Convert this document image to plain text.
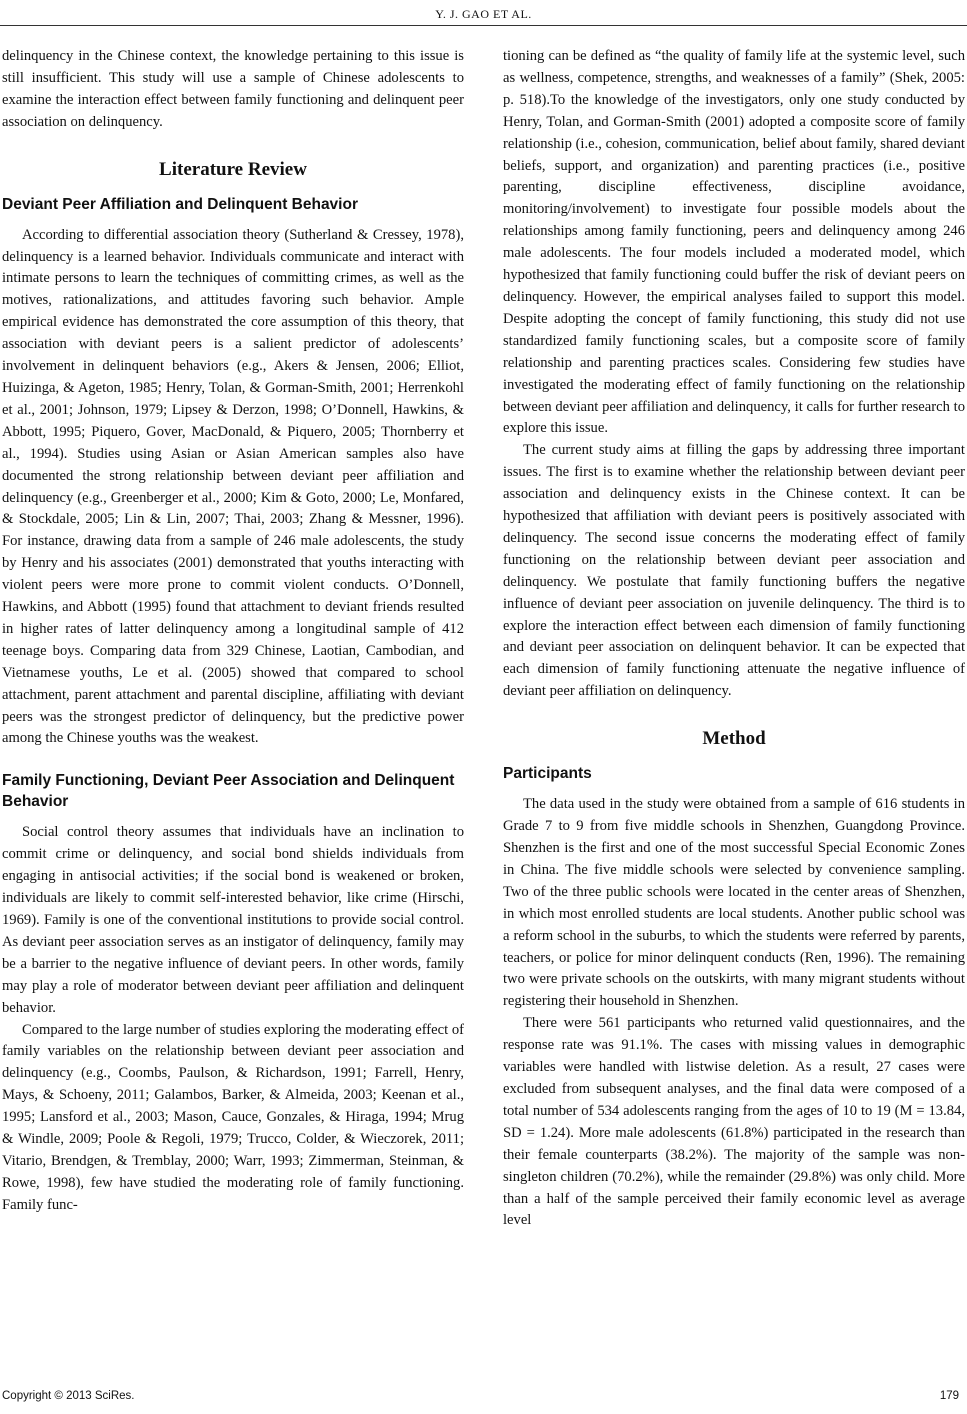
Y. J. GAO ET AL.

delinquency in the Chinese context, the knowledge pertaining to this issue is still insufficient. This study will use a sample of Chinese adolescents to examine the interaction effect between family functioning and delinquent peer association on delinquency.

Literature Review
Deviant Peer Affiliation and Delinquent Behavior

According to differential association theory (Sutherland & Cressey, 1978), delinquency is a learned behavior. Individuals communicate and interact with intimate persons to learn the techniques of committing crimes, as well as the motives, rationalizations, and attitudes favoring such behavior. Ample empirical evidence has demonstrated the core assumption of this theory, that association with deviant peers is a salient predictor of adolescents’ involvement in delinquent behaviors (e.g., Akers & Jensen, 2006; Elliot, Huizinga, & Ageton, 1985; Henry, Tolan, & Gorman-Smith, 2001; Herrenkohl et al., 2001; Johnson, 1979; Lipsey & Derzon, 1998; O’Donnell, Hawkins, & Abbott, 1995; Piquero, Gover, MacDonald, & Piquero, 2005; Thornberry et al., 1994). Studies using Asian or Asian American samples also have documented the strong relationship between deviant peer affiliation and delinquency (e.g., Greenberger et al., 2000; Kim & Goto, 2000; Le, Monfared, & Stockdale, 2005; Lin & Lin, 2007; Thai, 2003; Zhang & Messner, 1996). For instance, drawing data from a sample of 246 male adolescents, the study by Henry and his associates (2001) demonstrated that youths interacting with violent peers were more prone to commit violent conducts. O’Donnell, Hawkins, and Abbott (1995) found that attachment to deviant friends resulted in higher rates of latter delinquency among a longitudinal sample of 412 teenage boys. Comparing data from 329 Chinese, Laotian, Cambodian, and Vietnamese youths, Le et al. (2005) showed that compared to school attachment, parent attachment and parental discipline, affiliating with deviant peers was the strongest predictor of delinquency, but the predictive power among the Chinese youths was the weakest.

Family Functioning, Deviant Peer Association and Delinquent Behavior

Social control theory assumes that individuals have an inclination to commit crime or delinquency, and social bond shields individuals from engaging in antisocial activities; if the social bond is weakened or broken, individuals are likely to commit self-interested behavior, like crime (Hirschi, 1969). Family is one of the conventional institutions to provide social control. As deviant peer association serves as an instigator of delinquency, family may be a barrier to the negative influence of deviant peers. In other words, family may play a role of moderator between deviant peer affiliation and delinquent behavior.

Compared to the large number of studies exploring the moderating effect of family variables on the relationship between deviant peer association and delinquency (e.g., Coombs, Paulson, & Richardson, 1991; Farrell, Henry, Mays, & Schoeny, 2011; Galambos, Barker, & Almeida, 2003; Keenan et al., 1995; Lansford et al., 2003; Mason, Cauce, Gonzales, & Hiraga, 1994; Mrug & Windle, 2009; Poole & Regoli, 1979; Trucco, Colder, & Wieczorek, 2011; Vitario, Brendgen, & Tremblay, 2000; Warr, 1993; Zimmerman, Steinman, & Rowe, 1998), few have studied the moderating role of family functioning. Family func-

tioning can be defined as “the quality of family life at the systemic level, such as wellness, competence, strengths, and weaknesses of a family” (Shek, 2005: p. 518).To the knowledge of the investigators, only one study conducted by Henry, Tolan, and Gorman-Smith (2001) adopted a composite score of family relationship (i.e., cohesion, communication, belief about family, shared deviant beliefs, support, and organization) and parenting practices (i.e., positive parenting, discipline effectiveness, discipline avoidance, monitoring/involvement) to investigate four possible models about the relationships among family functioning, peers and delinquency among 246 male adolescents. The four models included a moderated model, which hypothesized that family functioning could buffer the risk of deviant peers on delinquency. However, the empirical analyses failed to support this model. Despite adopting the concept of family functioning, this study did not use standardized family functioning scales, but a composite score of family relationship and parenting practices scales. Considering few studies have investigated the moderating effect of family functioning on the relationship between deviant peer affiliation and delinquency, it calls for further research to explore this issue.

The current study aims at filling the gaps by addressing three important issues. The first is to examine whether the relationship between deviant peer association and delinquency exists in the Chinese context. It can be hypothesized that affiliation with deviant peers is positively associated with delinquency. The second issue concerns the moderating effect of family functioning on the relationship between deviant peer association and delinquency. We postulate that family functioning buffers the negative influence of deviant peer association on juvenile delinquency. The third is to explore the interaction effect between each dimension of family functioning and deviant peer association on delinquent behavior. It can be expected that each dimension of family functioning attenuate the negative influence of deviant peer affiliation on delinquency.

Method
Participants

The data used in the study were obtained from a sample of 616 students in Grade 7 to 9 from five middle schools in Shenzhen, Guangdong Province. Shenzhen is the first and one of the most successful Special Economic Zones in China. The five middle schools were selected by convenience sampling. Two of the three public schools were located in the center areas of Shenzhen, in which most enrolled students are local students. Another public school was a reform school in the suburbs, to which the students were referred by parents, teachers, or police for minor delinquent conducts (Ren, 1996). The remaining two were private schools on the outskirts, with many migrant students without registering their household in Shenzhen.

There were 561 participants who returned valid questionnaires, and the response rate was 91.1%. The cases with missing values in demographic variables were handled with listwise deletion. As a result, 27 cases were excluded from subsequent analyses, and the final data were composed of a total number of 534 adolescents ranging from the ages of 10 to 19 (M = 13.84, SD = 1.24). More male adolescents (61.8%) participated in the research than their female counterparts (38.2%). The majority of the sample was non-singleton children (70.2%), while the remainder (29.8%) was only child. More than a half of the sample perceived their family economic level as average level

Copyright © 2013 SciRes.	179
